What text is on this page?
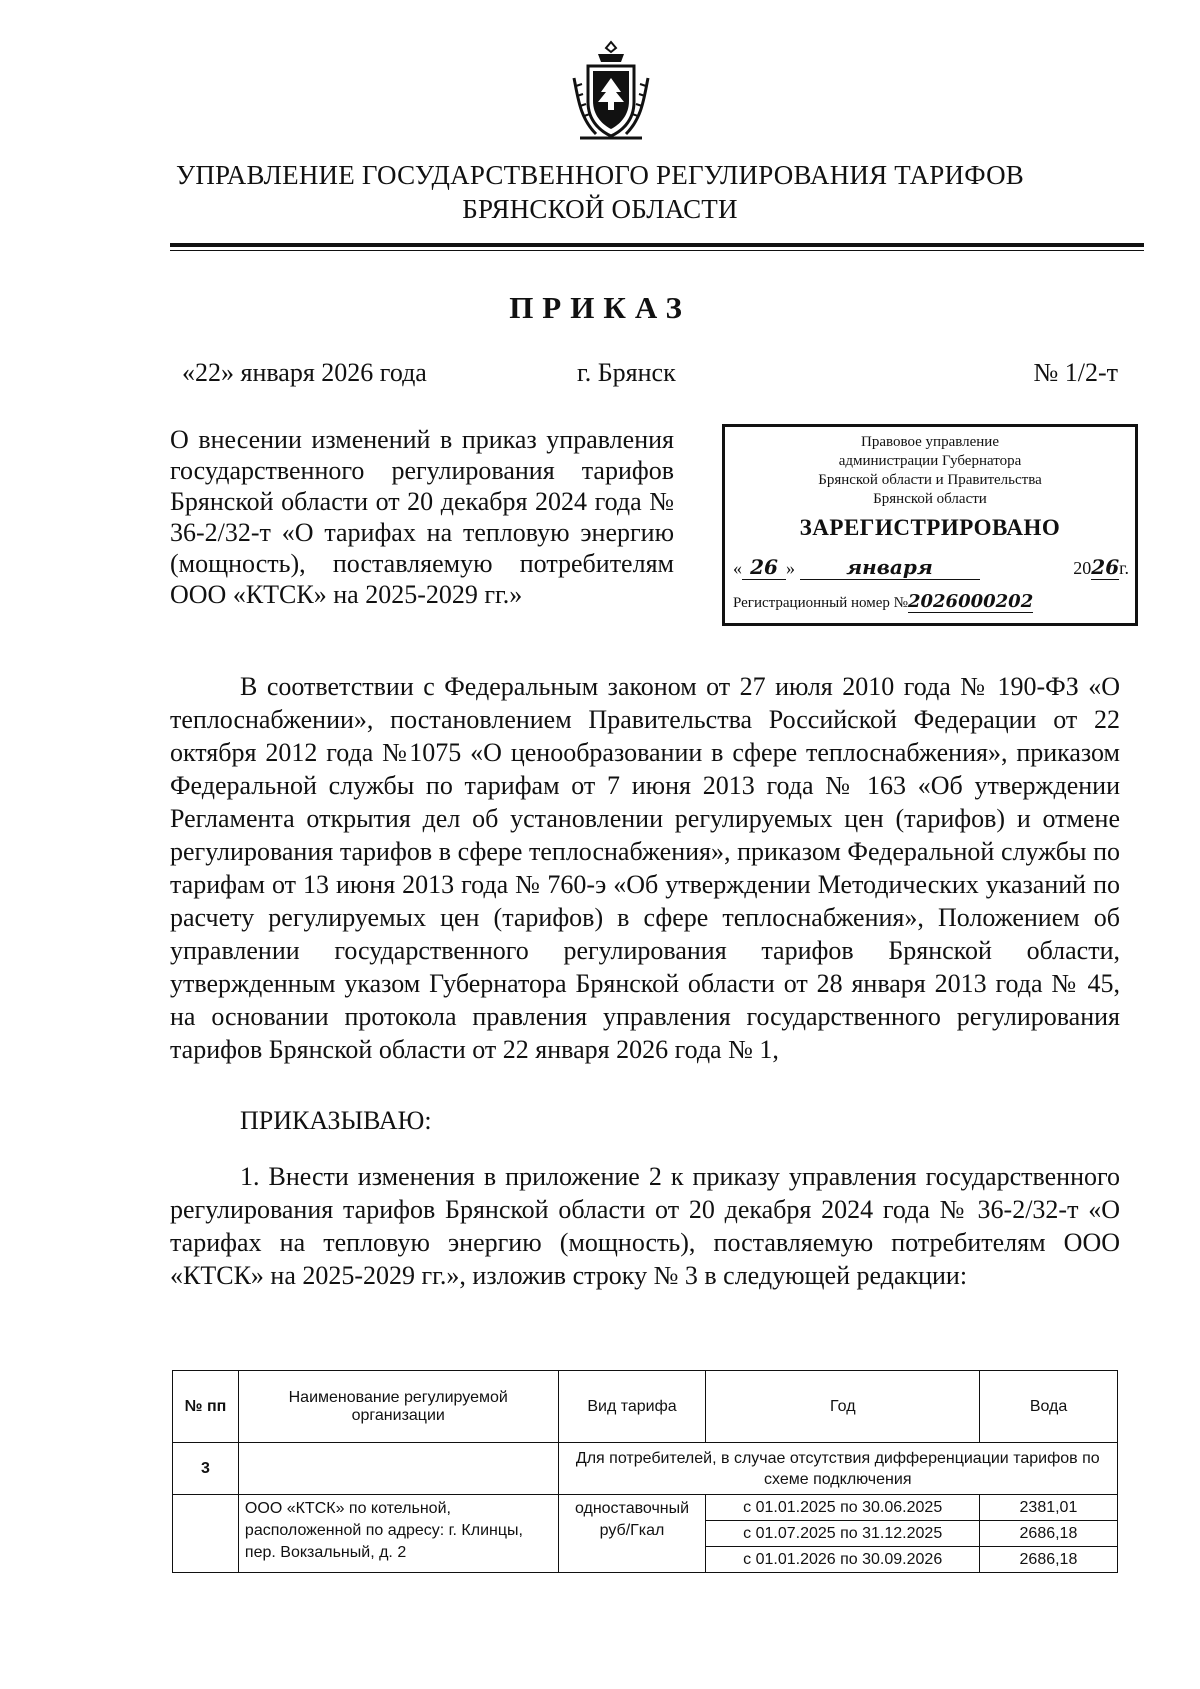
УПРАВЛЕНИЕ ГОСУДАРСТВЕННОГО РЕГУЛИРОВАНИЯ ТАРИФОВ
БРЯНСКОЙ ОБЛАСТИ
ПРИКАЗ
«22» января 2026 года	г. Брянск	№ 1/2-т
О внесении изменений в приказ управления государственного регулирования тарифов Брянской области от 20 декабря 2024 года № 36-2/32-т «О тарифах на тепловую энергию (мощность), поставляемую потребителям ООО «КТСК» на 2025-2029 гг.»
Правовое управление
администрации Губернатора
Брянской области и Правительства
Брянской области
ЗАРЕГИСТРИРОВАНО
« 26 »	января	2026г.
Регистрационный номер №2026000202
В соответствии с Федеральным законом от 27 июля 2010 года № 190-ФЗ «О теплоснабжении», постановлением Правительства Российской Федерации от 22 октября 2012 года №1075 «О ценообразовании в сфере теплоснабжения», приказом Федеральной службы по тарифам от 7 июня 2013 года № 163 «Об утверждении Регламента открытия дел об установлении регулируемых цен (тарифов) и отмене регулирования тарифов в сфере теплоснабжения», приказом Федеральной службы по тарифам от 13 июня 2013 года № 760-э «Об утверждении Методических указаний по расчету регулируемых цен (тарифов) в сфере теплоснабжения», Положением об управлении государственного регулирования тарифов Брянской области, утвержденным указом Губернатора Брянской области от 28 января 2013 года № 45, на основании протокола правления управления государственного регулирования тарифов Брянской области от 22 января 2026 года № 1,
ПРИКАЗЫВАЮ:
1. Внести изменения в приложение 2 к приказу управления государственного регулирования тарифов Брянской области от 20 декабря 2024 года № 36-2/32-т «О тарифах на тепловую энергию (мощность), поставляемую потребителям ООО «КТСК» на 2025-2029 гг.», изложив строку № 3 в следующей редакции:
№ пп	Наименование регулируемой организации	Вид тарифа	Год	Вода
3		Для потребителей, в случае отсутствия дифференциации тарифов по схеме подключения
	ООО «КТСК» по котельной, расположенной по адресу: г. Клинцы, пер. Вокзальный, д. 2	одноставочный руб/Гкал	
с 01.01.2025 по 30.06.2025	2381,01
с 01.07.2025 по 31.12.2025	2686,18
с 01.01.2026 по 30.09.2026	2686,18
